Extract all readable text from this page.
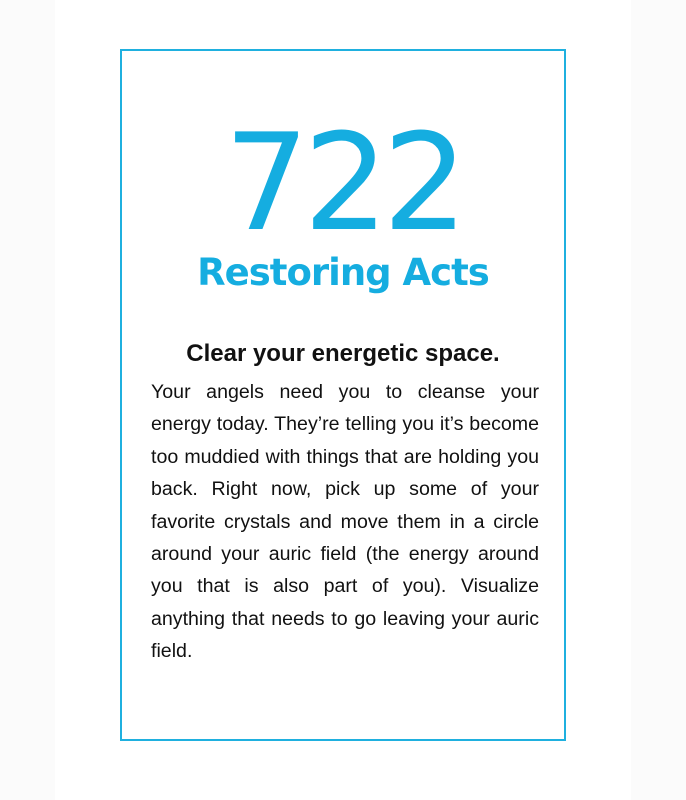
722
Restoring Acts
Clear your energetic space.

Your angels need you to cleanse your energy today. They’re telling you it’s become too muddied with things that are holding you back. Right now, pick up some of your favorite crystals and move them in a circle around your auric field (the energy around you that is also part of you). Visualize anything that needs to go leaving your auric field.
